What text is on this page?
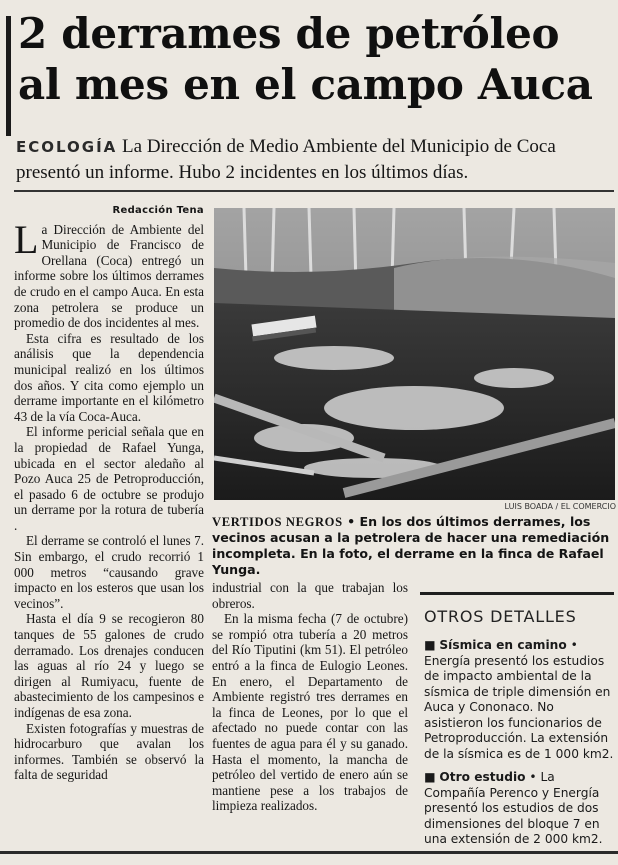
2 derrames de petróleo al mes en el campo Auca

ECOLOGÍA La Dirección de Medio Ambiente del Municipio de Coca presentó un informe. Hubo 2 incidentes en los últimos días.

Redacción Tena

La Dirección de Ambiente del Municipio de Francisco de Orellana (Coca) entregó un informe sobre los últimos derrames de crudo en el campo Auca. En esta zona petrolera se produce un promedio de dos incidentes al mes.

Esta cifra es resultado de los análisis que la dependencia municipal realizó en los últimos dos años. Y cita como ejemplo un derrame importante en el kilómetro 43 de la vía Coca-Auca.

El informe pericial señala que en la propiedad de Rafael Yunga, ubicada en el sector aledaño al Pozo Auca 25 de Petroproducción, el pasado 6 de octubre se produjo un derrame por la rotura de tubería .

El derrame se controló el lunes 7. Sin embargo, el crudo recorrió 1 000 metros “causando grave impacto en los esteros que usan los vecinos”.

Hasta el día 9 se recogieron 80 tanques de 55 galones de crudo derramado. Los drenajes conducen las aguas al río 24 y luego se dirigen al Rumiyacu, fuente de abastecimiento de los campesinos e indígenas de esa zona.

Existen fotografías y muestras de hidrocarburo que avalan los informes. También se observó la falta de seguridad

LUIS BOADA / EL COMERCIO

VERTIDOS NEGROS • En los dos últimos derrames, los vecinos acusan a la petrolera de hacer una remediación incompleta. En la foto, el derrame en la finca de Rafael Yunga.

industrial con la que trabajan los obreros.

En la misma fecha (7 de octubre) se rompió otra tubería a 20 metros del Río Tiputini (km 51). El petróleo entró a la finca de Eulogio Leones. En enero, el Departamento de Ambiente registró tres derrames en la finca de Leones, por lo que el afectado no puede contar con las fuentes de agua para él y su ganado. Hasta el momento, la mancha de petróleo del vertido de enero aún se mantiene pese a los trabajos de limpieza realizados.

OTROS DETALLES
■ Sísmica en camino • Energía presentó los estudios de impacto ambiental de la sísmica de triple dimensión en Auca y Cononaco. No asistieron los funcionarios de Petroproducción. La extensión de la sísmica es de 1 000 km2.
■ Otro estudio • La Compañía Perenco y Energía presentó los estudios de dos dimensiones del bloque 7 en una extensión de 2 000 km2.
